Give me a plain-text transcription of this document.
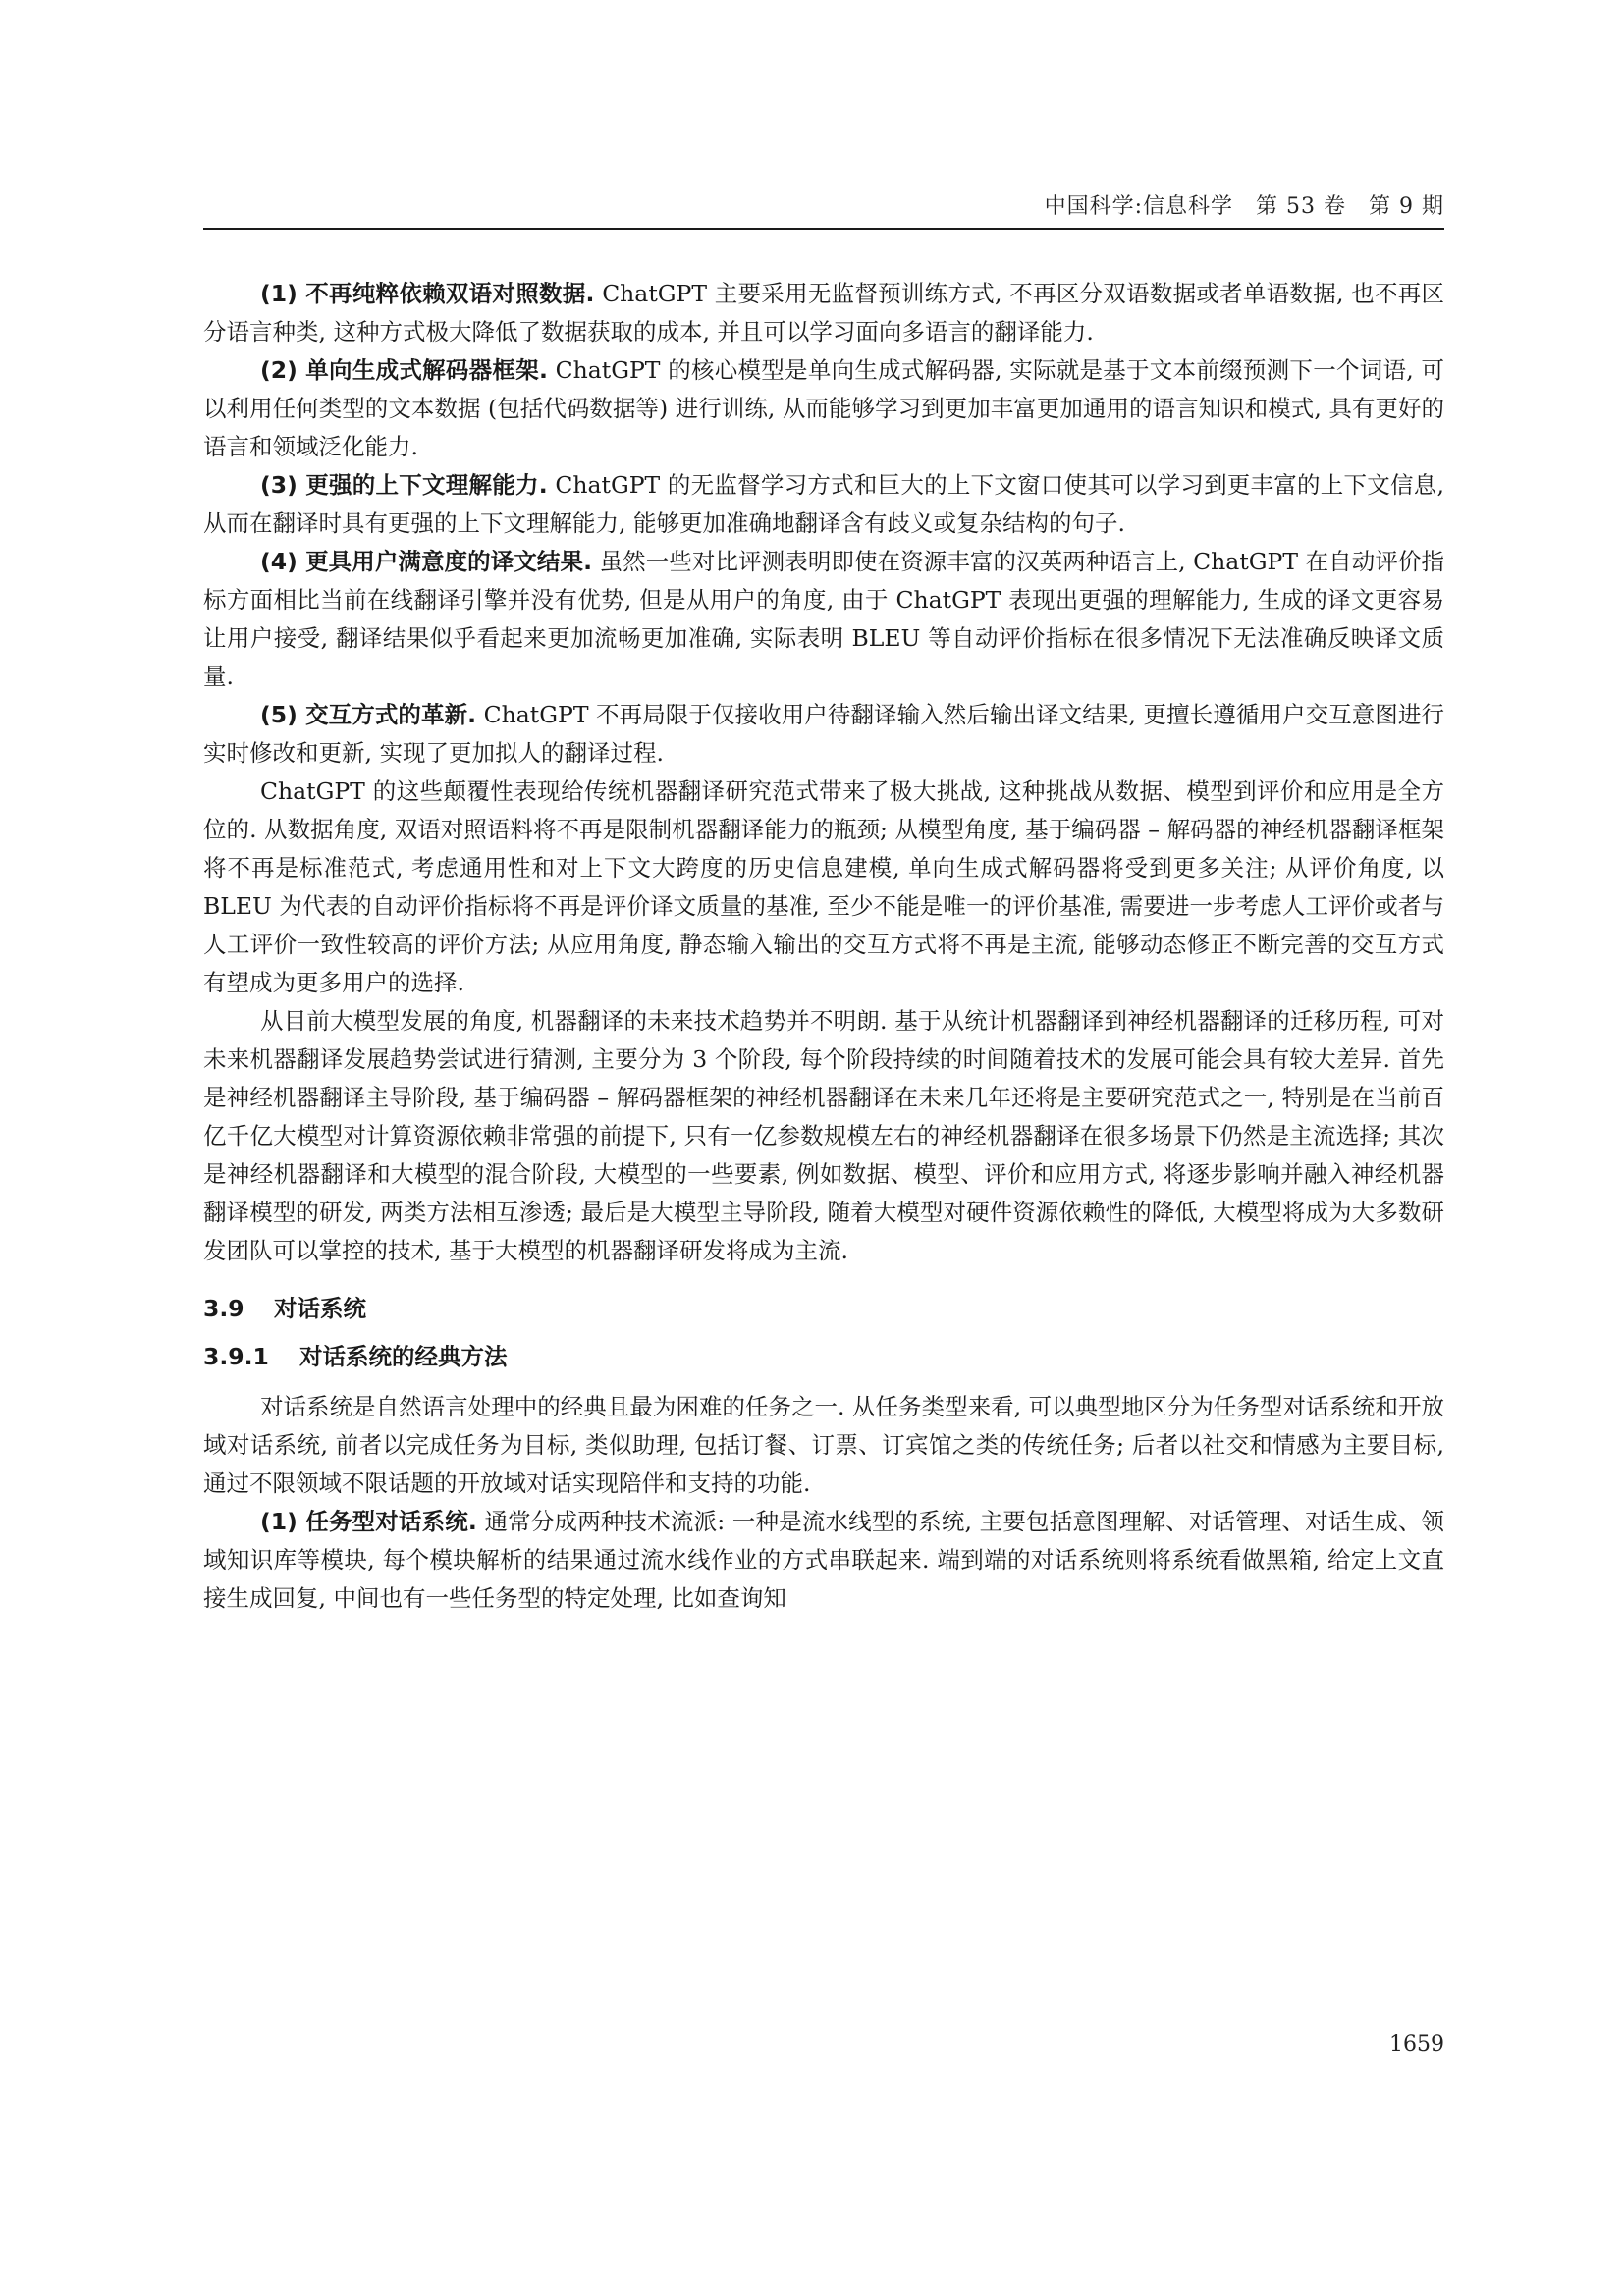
中国科学:信息科学　第 53 卷　第 9 期

(1) 不再纯粹依赖双语对照数据. ChatGPT 主要采用无监督预训练方式, 不再区分双语数据或者单语数据, 也不再区分语言种类, 这种方式极大降低了数据获取的成本, 并且可以学习面向多语言的翻译能力.

(2) 单向生成式解码器框架. ChatGPT 的核心模型是单向生成式解码器, 实际就是基于文本前缀预测下一个词语, 可以利用任何类型的文本数据 (包括代码数据等) 进行训练, 从而能够学习到更加丰富更加通用的语言知识和模式, 具有更好的语言和领域泛化能力.

(3) 更强的上下文理解能力. ChatGPT 的无监督学习方式和巨大的上下文窗口使其可以学习到更丰富的上下文信息, 从而在翻译时具有更强的上下文理解能力, 能够更加准确地翻译含有歧义或复杂结构的句子.

(4) 更具用户满意度的译文结果. 虽然一些对比评测表明即使在资源丰富的汉英两种语言上, ChatGPT 在自动评价指标方面相比当前在线翻译引擎并没有优势, 但是从用户的角度, 由于 ChatGPT 表现出更强的理解能力, 生成的译文更容易让用户接受, 翻译结果似乎看起来更加流畅更加准确, 实际表明 BLEU 等自动评价指标在很多情况下无法准确反映译文质量.

(5) 交互方式的革新. ChatGPT 不再局限于仅接收用户待翻译输入然后输出译文结果, 更擅长遵循用户交互意图进行实时修改和更新, 实现了更加拟人的翻译过程.

ChatGPT 的这些颠覆性表现给传统机器翻译研究范式带来了极大挑战, 这种挑战从数据、模型到评价和应用是全方位的. 从数据角度, 双语对照语料将不再是限制机器翻译能力的瓶颈; 从模型角度, 基于编码器 – 解码器的神经机器翻译框架将不再是标准范式, 考虑通用性和对上下文大跨度的历史信息建模, 单向生成式解码器将受到更多关注; 从评价角度, 以 BLEU 为代表的自动评价指标将不再是评价译文质量的基准, 至少不能是唯一的评价基准, 需要进一步考虑人工评价或者与人工评价一致性较高的评价方法; 从应用角度, 静态输入输出的交互方式将不再是主流, 能够动态修正不断完善的交互方式有望成为更多用户的选择.

从目前大模型发展的角度, 机器翻译的未来技术趋势并不明朗. 基于从统计机器翻译到神经机器翻译的迁移历程, 可对未来机器翻译发展趋势尝试进行猜测, 主要分为 3 个阶段, 每个阶段持续的时间随着技术的发展可能会具有较大差异. 首先是神经机器翻译主导阶段, 基于编码器 – 解码器框架的神经机器翻译在未来几年还将是主要研究范式之一, 特别是在当前百亿千亿大模型对计算资源依赖非常强的前提下, 只有一亿参数规模左右的神经机器翻译在很多场景下仍然是主流选择; 其次是神经机器翻译和大模型的混合阶段, 大模型的一些要素, 例如数据、模型、评价和应用方式, 将逐步影响并融入神经机器翻译模型的研发, 两类方法相互渗透; 最后是大模型主导阶段, 随着大模型对硬件资源依赖性的降低, 大模型将成为大多数研发团队可以掌控的技术, 基于大模型的机器翻译研发将成为主流.

3.9 对话系统
3.9.1 对话系统的经典方法

对话系统是自然语言处理中的经典且最为困难的任务之一. 从任务类型来看, 可以典型地区分为任务型对话系统和开放域对话系统, 前者以完成任务为目标, 类似助理, 包括订餐、订票、订宾馆之类的传统任务; 后者以社交和情感为主要目标, 通过不限领域不限话题的开放域对话实现陪伴和支持的功能.

(1) 任务型对话系统. 通常分成两种技术流派: 一种是流水线型的系统, 主要包括意图理解、对话管理、对话生成、领域知识库等模块, 每个模块解析的结果通过流水线作业的方式串联起来. 端到端的对话系统则将系统看做黑箱, 给定上文直接生成回复, 中间也有一些任务型的特定处理, 比如查询知

1659
